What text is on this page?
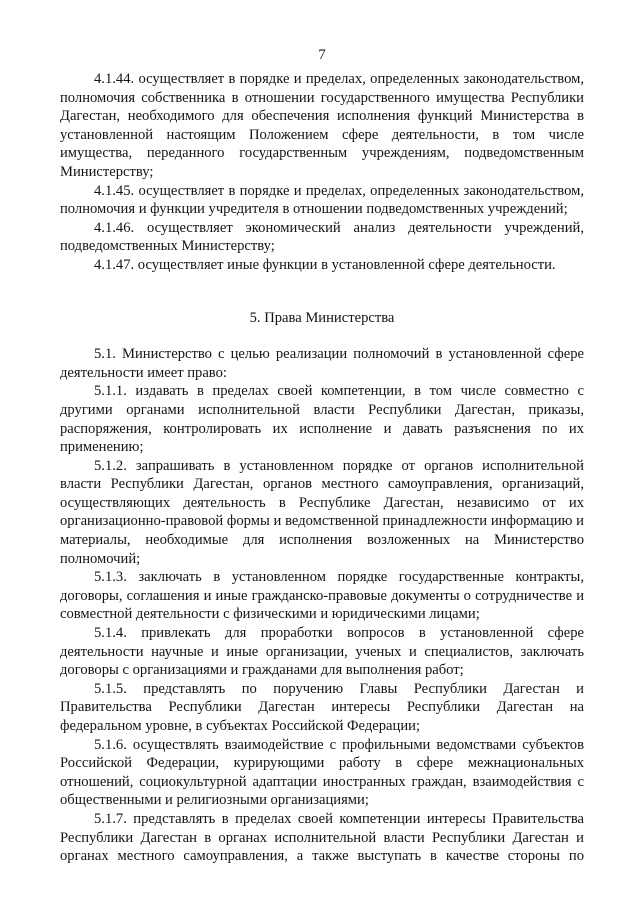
7

4.1.44. осуществляет в порядке и пределах, определенных законодательством, полномочия собственника в отношении государственного имущества Республики Дагестан, необходимого для обеспечения исполнения функций Министерства в установленной настоящим Положением сфере деятельности, в том числе имущества, переданного государственным учреждениям, подведомственным Министерству;

4.1.45. осуществляет в порядке и пределах, определенных законодательством, полномочия и функции учредителя в отношении подведомственных учреждений;

4.1.46. осуществляет экономический анализ деятельности учреждений, подведомственных Министерству;

4.1.47. осуществляет иные функции в установленной сфере деятельности.

5. Права Министерства

5.1. Министерство с целью реализации полномочий в установленной сфере деятельности имеет право:

5.1.1. издавать в пределах своей компетенции, в том числе совместно с другими органами исполнительной власти Республики Дагестан, приказы, распоряжения, контролировать их исполнение и давать разъяснения по их применению;

5.1.2. запрашивать в установленном порядке от органов исполнительной власти Республики Дагестан, органов местного самоуправления, организаций, осуществляющих деятельность в Республике Дагестан, независимо от их организационно-правовой формы и ведомственной принадлежности информацию и материалы, необходимые для исполнения возложенных на Министерство полномочий;

5.1.3. заключать в установленном порядке государственные контракты, договоры, соглашения и иные гражданско-правовые документы о сотрудничестве и совместной деятельности с физическими и юридическими лицами;

5.1.4. привлекать для проработки вопросов в установленной сфере деятельности научные и иные организации, ученых и специалистов, заключать договоры с организациями и гражданами для выполнения работ;

5.1.5. представлять по поручению Главы Республики Дагестан и Правительства Республики Дагестан интересы Республики Дагестан на федеральном уровне, в субъектах Российской Федерации;

5.1.6. осуществлять взаимодействие с профильными ведомствами субъектов Российской Федерации, курирующими работу в сфере межнациональных отношений, социокультурной адаптации иностранных граждан, взаимодействия с общественными и религиозными организациями;

5.1.7. представлять в пределах своей компетенции интересы Правительства Республики Дагестан в органах исполнительной власти Республики Дагестан и органах местного самоуправления, а также выступать в качестве стороны по
